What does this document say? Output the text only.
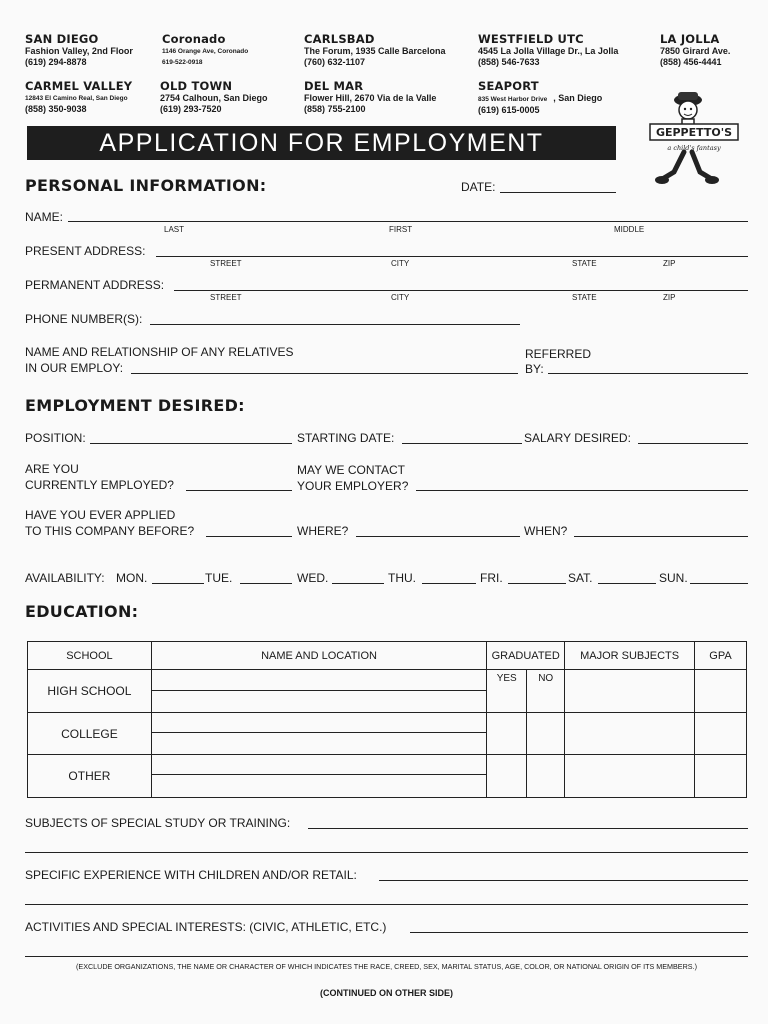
SAN DIEGO
Fashion Valley, 2nd Floor
(619) 294-8878
Coronado
1146 Orange Ave, Coronado
619-522-0918
CARLSBAD
The Forum, 1935 Calle Barcelona
(760) 632-1107
WESTFIELD UTC
4545 La Jolla Village Dr., La Jolla
(858) 546-7633
LA JOLLA
7850 Girard Ave.
(858) 456-4441
CARMEL VALLEY
12843 El Camino Real, San Diego
(858) 350-9038
OLD TOWN
2754 Calhoun, San Diego
(619) 293-7520
DEL MAR
Flower Hill, 2670 Via de la Valle
(858) 755-2100
SEAPORT
835 West Harbor Drive , San Diego
(619) 615-0005
APPLICATION FOR EMPLOYMENT	GEPPETTO'S
a child's fantasy
PERSONAL INFORMATION:	DATE:
NAME:
LAST	FIRST	MIDDLE
PRESENT ADDRESS:
STREET	CITY	STATE	ZIP
PERMANENT ADDRESS:
STREET	CITY	STATE	ZIP
PHONE NUMBER(S):
NAME AND RELATIONSHIP OF ANY RELATIVES
IN OUR EMPLOY:
REFERRED
BY:
EMPLOYMENT DESIRED:
POSITION:	STARTING DATE:	SALARY DESIRED:
ARE YOU
CURRENTLY EMPLOYED?
MAY WE CONTACT
YOUR EMPLOYER?
HAVE YOU EVER APPLIED
TO THIS COMPANY BEFORE?	WHERE?	WHEN?
AVAILABILITY: MON.	TUE.	WED.	THU.	FRI.	SAT.	SUN.
EDUCATION:
SCHOOL	NAME AND LOCATION	GRADUATED		MAJOR SUBJECTS	GPA
HIGH SCHOOL		YES	NO		

COLLEGE					

OTHER					

SUBJECTS OF SPECIAL STUDY OR TRAINING:
SPECIFIC EXPERIENCE WITH CHILDREN AND/OR RETAIL:
ACTIVITIES AND SPECIAL INTERESTS: (CIVIC, ATHLETIC, ETC.)
(EXCLUDE ORGANIZATIONS, THE NAME OR CHARACTER OF WHICH INDICATES THE RACE, CREED, SEX, MARITAL STATUS, AGE, COLOR, OR NATIONAL ORIGIN OF ITS MEMBERS.)
(CONTINUED ON OTHER SIDE)
